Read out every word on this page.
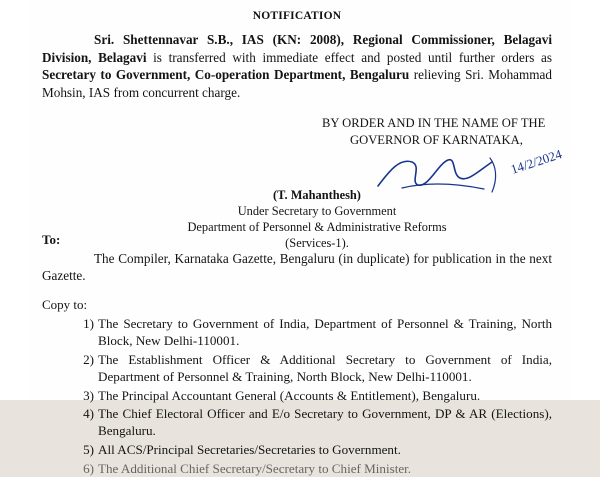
NOTIFICATION

Sri. Shettennavar S.B., IAS (KN: 2008), Regional Commissioner, Belagavi Division, Belagavi is transferred with immediate effect and posted until further orders as Secretary to Government, Co-operation Department, Bengaluru relieving Sri. Mohammad Mohsin, IAS from concurrent charge.

BY ORDER AND IN THE NAME OF THE
GOVERNOR OF KARNATAKA,
14/2/2024
(T. Mahanthesh)
Under Secretary to Government
Department of Personnel & Administrative Reforms
(Services-1).
To:

The Compiler, Karnataka Gazette, Bengaluru (in duplicate) for publication in the next Gazette.

Copy to:
The Secretary to Government of India, Department of Personnel & Training, North Block, New Delhi-110001.
The Establishment Officer & Additional Secretary to Government of India, Department of Personnel & Training, North Block, New Delhi-110001.
The Principal Accountant General (Accounts & Entitlement), Bengaluru.
The Chief Electoral Officer and E/o Secretary to Government, DP & AR (Elections), Bengaluru.
All ACS/Principal Secretaries/Secretaries to Government.
The Additional Chief Secretary/Secretary to Chief Minister.
